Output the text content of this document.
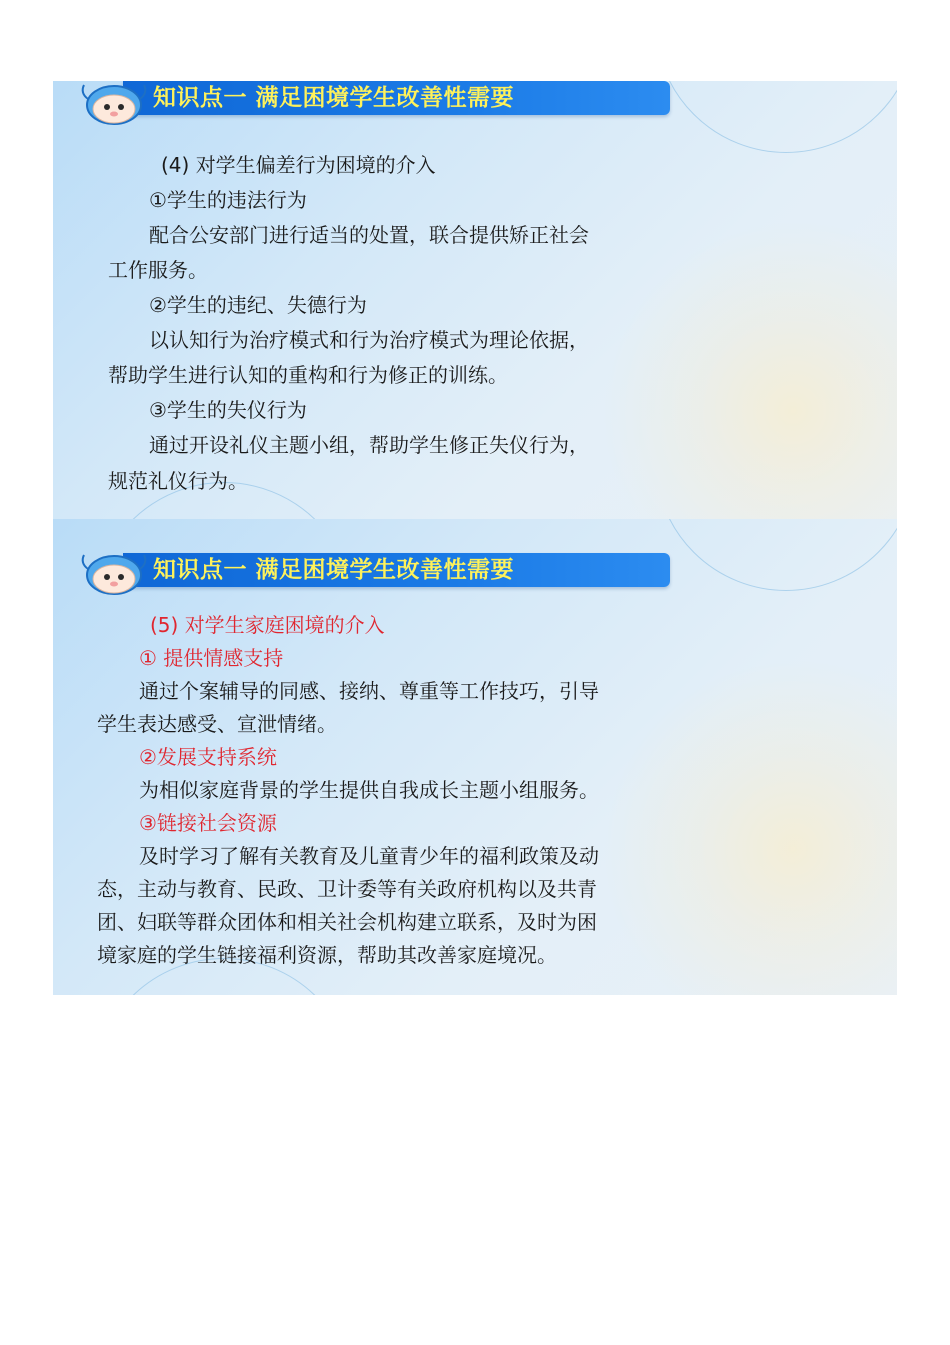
知识点一 满足困境学生改善性需要
(4) 对学生偏差行为困境的介入
①学生的违法行为
配合公安部门进行适当的处置，联合提供矫正社会
工作服务。
②学生的违纪、失德行为
以认知行为治疗模式和行为治疗模式为理论依据，
帮助学生进行认知的重构和行为修正的训练。
③学生的失仪行为
通过开设礼仪主题小组，帮助学生修正失仪行为，
规范礼仪行为。
知识点一 满足困境学生改善性需要
(5) 对学生家庭困境的介入
① 提供情感支持
通过个案辅导的同感、接纳、尊重等工作技巧，引导
学生表达感受、宣泄情绪。
②发展支持系统
为相似家庭背景的学生提供自我成长主题小组服务。
③链接社会资源
及时学习了解有关教育及儿童青少年的福利政策及动
态，主动与教育、民政、卫计委等有关政府机构以及共青
团、妇联等群众团体和相关社会机构建立联系，及时为困
境家庭的学生链接福利资源，帮助其改善家庭境况。
